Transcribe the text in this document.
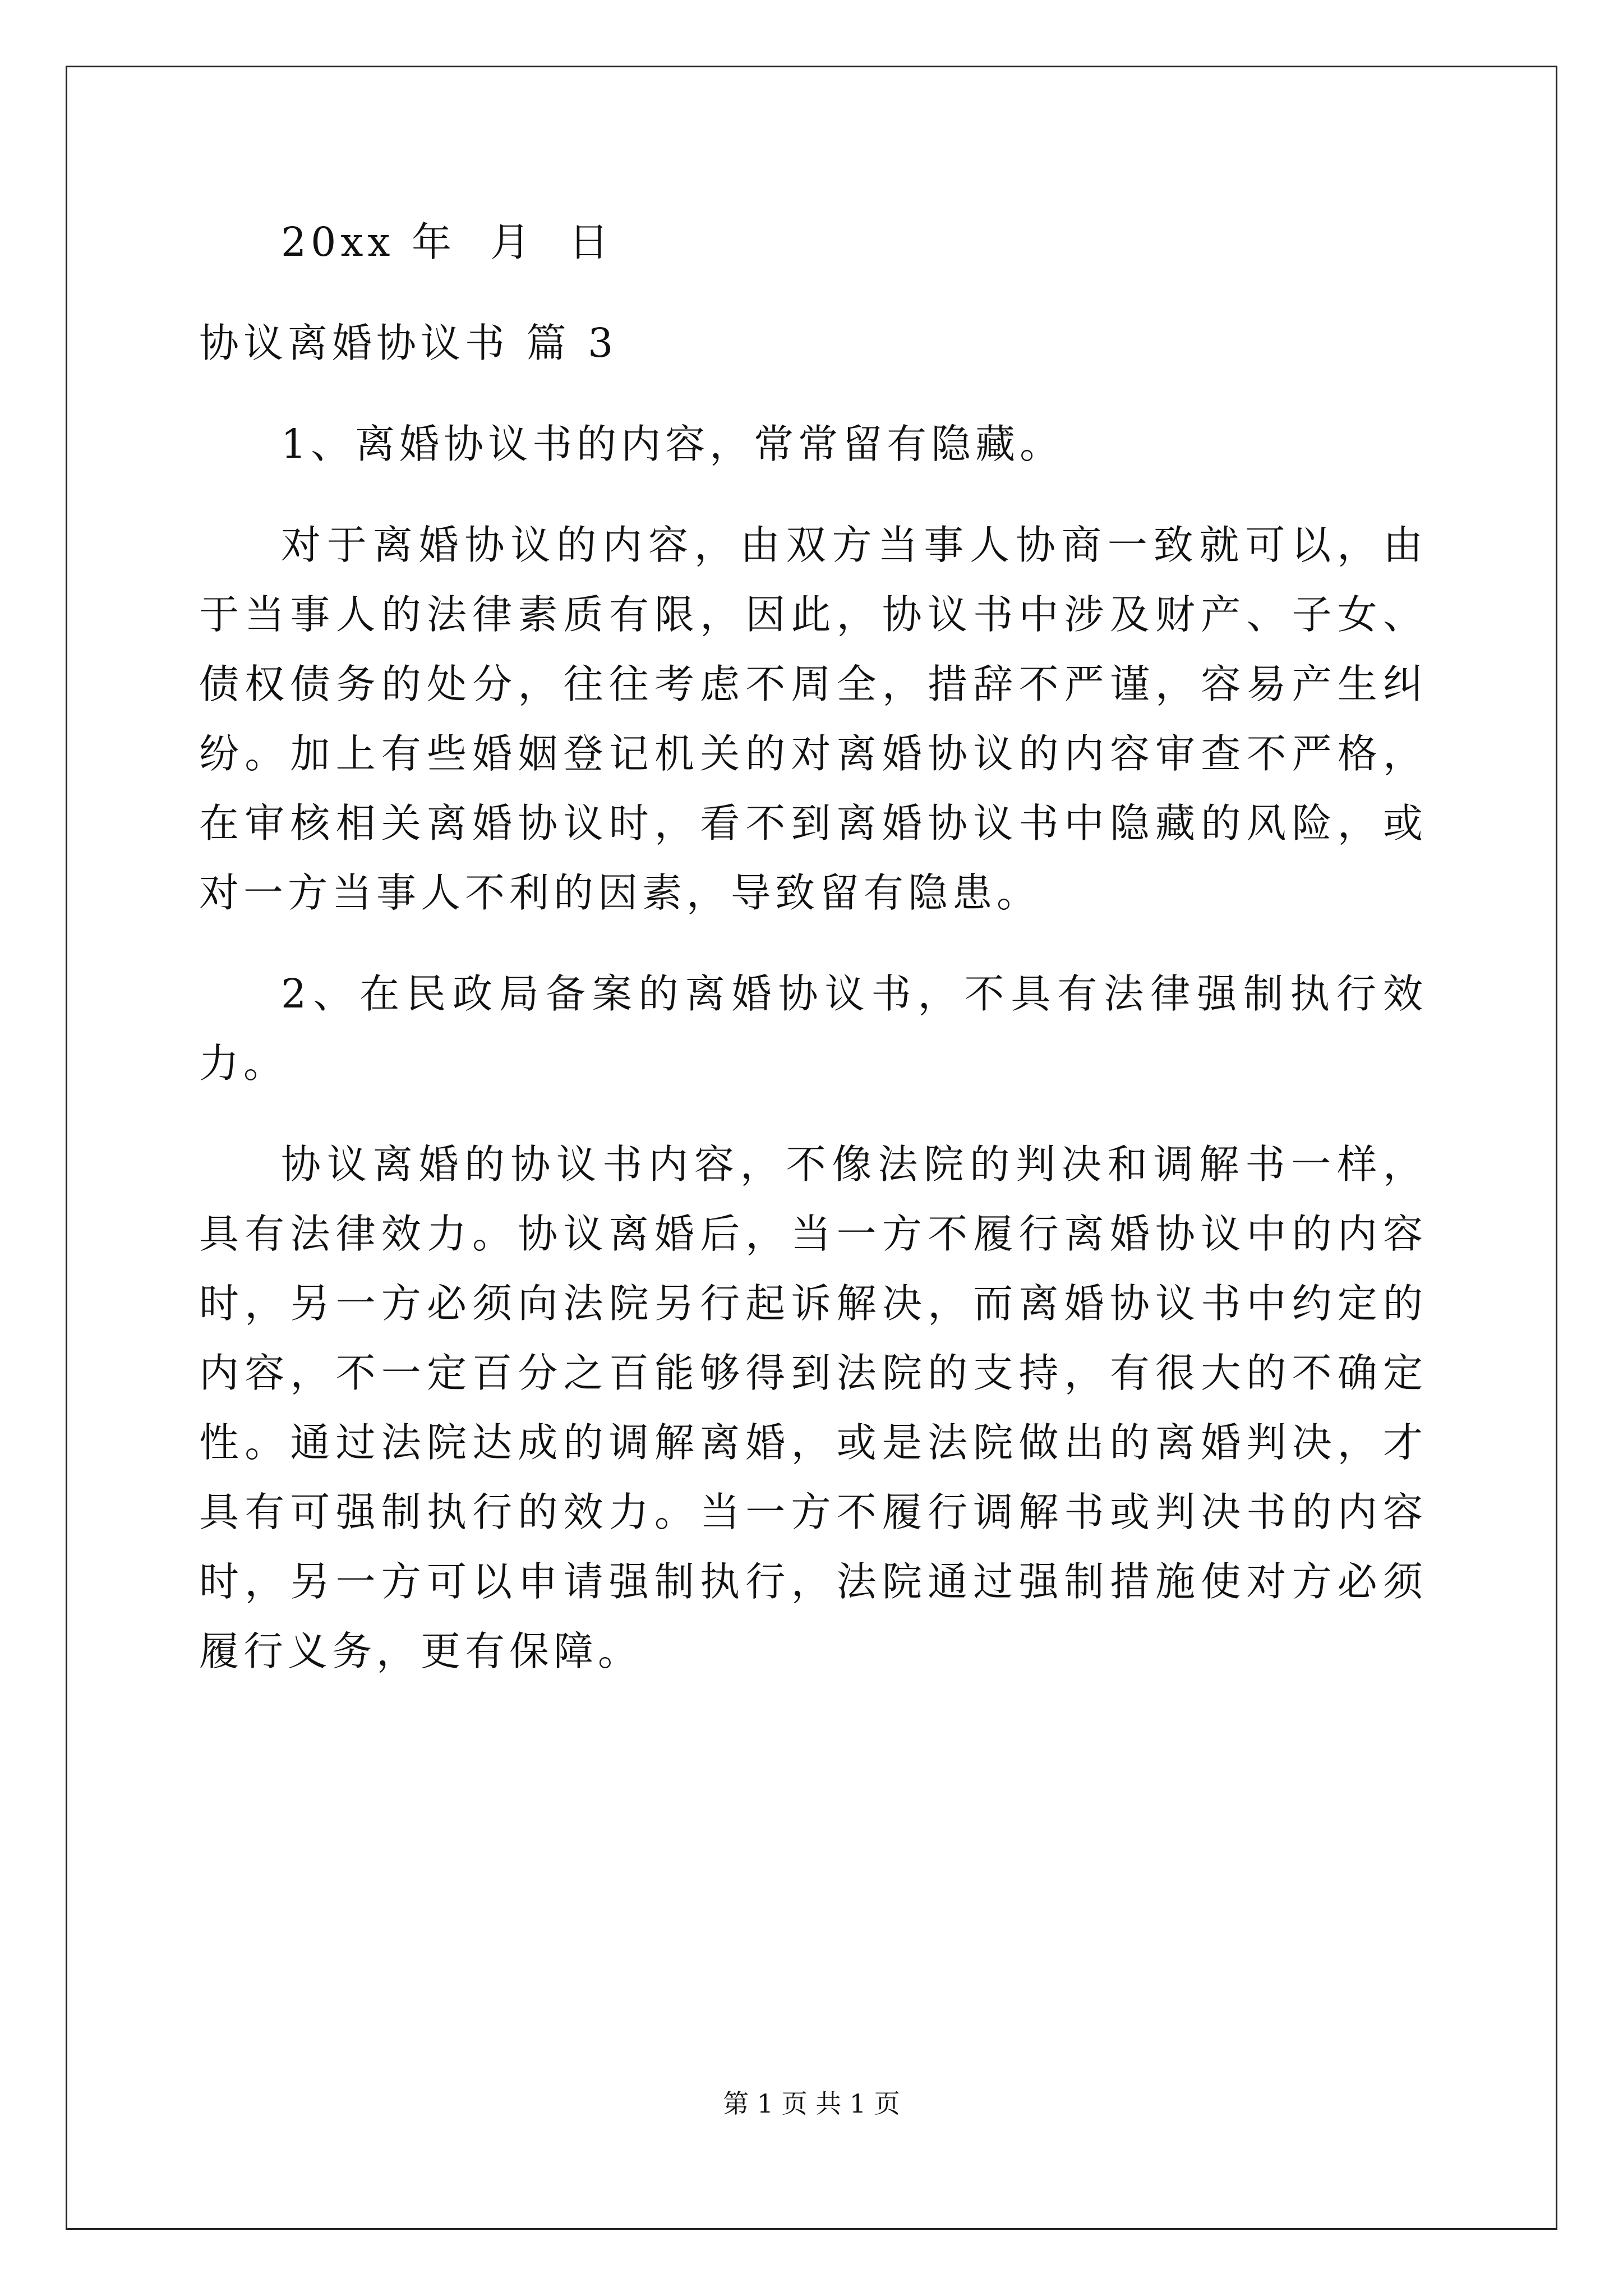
20xx 年  月  日
协议离婚协议书 篇 3
1、离婚协议书的内容，常常留有隐藏。
对于离婚协议的内容，由双方当事人协商一致就可以，由于当事人的法律素质有限，因此，协议书中涉及财产、子女、债权债务的处分，往往考虑不周全，措辞不严谨，容易产生纠纷。加上有些婚姻登记机关的对离婚协议的内容审查不严格，在审核相关离婚协议时，看不到离婚协议书中隐藏的风险，或对一方当事人不利的因素，导致留有隐患。
2、在民政局备案的离婚协议书，不具有法律强制执行效力。
协议离婚的协议书内容，不像法院的判决和调解书一样，具有法律效力。协议离婚后，当一方不履行离婚协议中的内容时，另一方必须向法院另行起诉解决，而离婚协议书中约定的内容，不一定百分之百能够得到法院的支持，有很大的不确定性。通过法院达成的调解离婚，或是法院做出的离婚判决，才具有可强制执行的效力。当一方不履行调解书或判决书的内容时，另一方可以申请强制执行，法院通过强制措施使对方必须履行义务，更有保障。
第 1 页 共 1 页
